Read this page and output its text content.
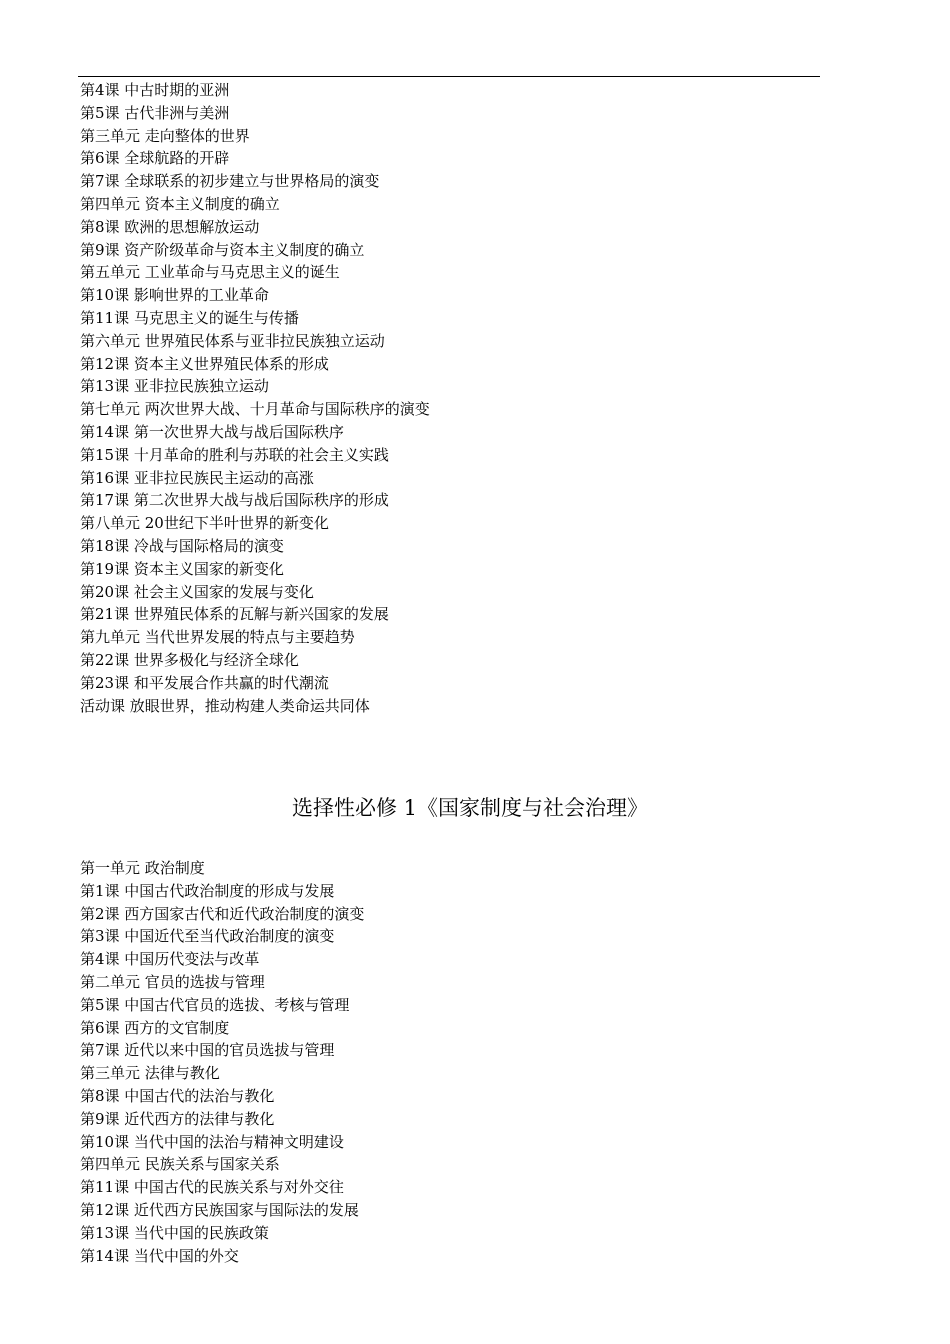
第4课 中古时期的亚洲
第5课 古代非洲与美洲
第三单元 走向整体的世界
第6课 全球航路的开辟
第7课 全球联系的初步建立与世界格局的演变
第四单元 资本主义制度的确立
第8课 欧洲的思想解放运动
第9课 资产阶级革命与资本主义制度的确立
第五单元 工业革命与马克思主义的诞生
第10课 影响世界的工业革命
第11课 马克思主义的诞生与传播
第六单元 世界殖民体系与亚非拉民族独立运动
第12课 资本主义世界殖民体系的形成
第13课 亚非拉民族独立运动
第七单元 两次世界大战、十月革命与国际秩序的演变
第14课 第一次世界大战与战后国际秩序
第15课 十月革命的胜利与苏联的社会主义实践
第16课 亚非拉民族民主运动的高涨
第17课 第二次世界大战与战后国际秩序的形成
第八单元 20世纪下半叶世界的新变化
第18课 冷战与国际格局的演变
第19课 资本主义国家的新变化
第20课 社会主义国家的发展与变化
第21课 世界殖民体系的瓦解与新兴国家的发展
第九单元 当代世界发展的特点与主要趋势
第22课 世界多极化与经济全球化
第23课 和平发展合作共赢的时代潮流
活动课 放眼世界，推动构建人类命运共同体
选择性必修 1《国家制度与社会治理》
第一单元 政治制度
第1课 中国古代政治制度的形成与发展
第2课 西方国家古代和近代政治制度的演变
第3课 中国近代至当代政治制度的演变
第4课 中国历代变法与改革
第二单元 官员的选拔与管理
第5课 中国古代官员的选拔、考核与管理
第6课 西方的文官制度
第7课 近代以来中国的官员选拔与管理
第三单元 法律与教化
第8课 中国古代的法治与教化
第9课 近代西方的法律与教化
第10课 当代中国的法治与精神文明建设
第四单元 民族关系与国家关系
第11课 中国古代的民族关系与对外交往
第12课 近代西方民族国家与国际法的发展
第13课 当代中国的民族政策
第14课 当代中国的外交
